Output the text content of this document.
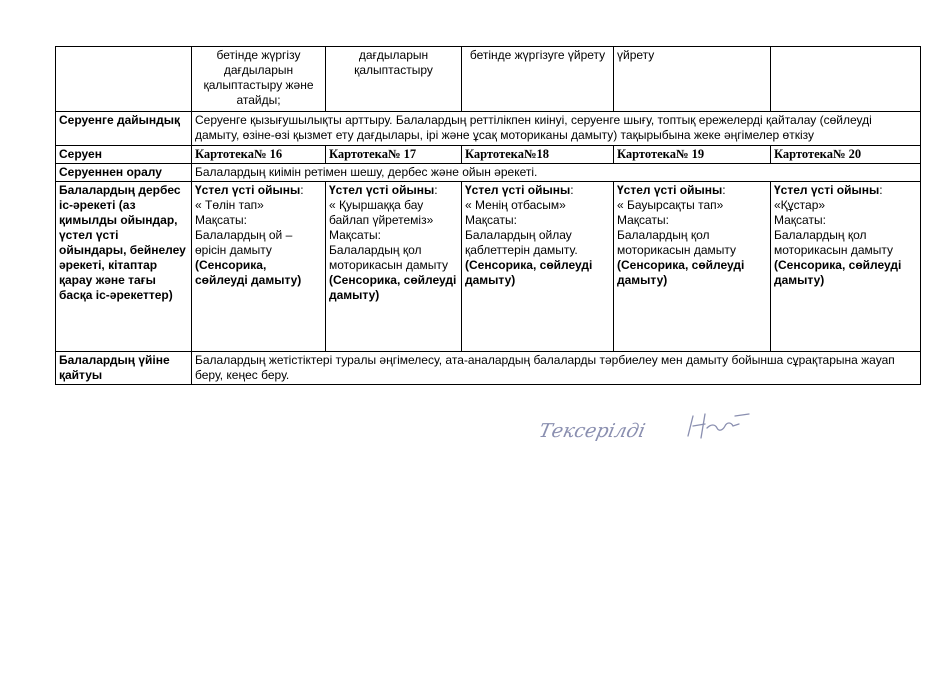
	бетінде жүргізу дағдыларын қалыптастыру және атайды;	дағдыларын қалыптастыру	бетінде жүргізуге үйрету	үйрету	
Серуенге дайындық	Серуенге қызығушылықты арттыру. Балалардың реттілікпен киінуі, серуенге шығу, топтық ережелерді қайталау (сөйлеуді дамыту, өзіне-өзі қызмет ету дағдылары, ірі және ұсақ моториканы дамыту) тақырыбына жеке әңгімелер өткізу				
Серуен	Картотека№ 16	Картотека№ 17	Картотека№18	Картотека№ 19	Картотека№ 20
Серуеннен оралу	Балалардың киімін ретімен шешу, дербес және ойын әрекеті.				
Балалардың дербес іс-әрекеті (аз қимылды ойындар, үстел үсті ойындары, бейнелеу әрекеті, кітаптар қарау және тағы басқа іс-әрекеттер)	Үстел үсті ойыны:
« Төлін тап»
Мақсаты:
Балалардың ой – өрісін дамыту
(Сенсорика, сөйлеуді дамыту)	Үстел үсті ойыны:
« Қуыршаққа бау байлап үйретеміз»
Мақсаты:
Балалардың қол моторикасын дамыту
(Сенсорика, сөйлеуді дамыту)	Үстел үсті ойыны:
« Менің отбасым»
Мақсаты:
Балалардың ойлау қаблеттерін дамыту.
(Сенсорика, сөйлеуді дамыту)	Үстел үсті ойыны:
« Бауырсақты тап»
Мақсаты:
Балалардың қол моторикасын дамыту
(Сенсорика, сөйлеуді дамыту)	Үстел үсті ойыны:
«Құстар»
Мақсаты:
Балалардың қол моторикасын дамыту
(Сенсорика, сөйлеуді дамыту)

Балалардың үйіне қайтуы	Балалардың жетістіктері туралы әңгімелесу, ата-аналардың балаларды тәрбиелеу мен дамыту бойынша сұрақтарына жауап беру, кеңес беру.				
Тексерілді
